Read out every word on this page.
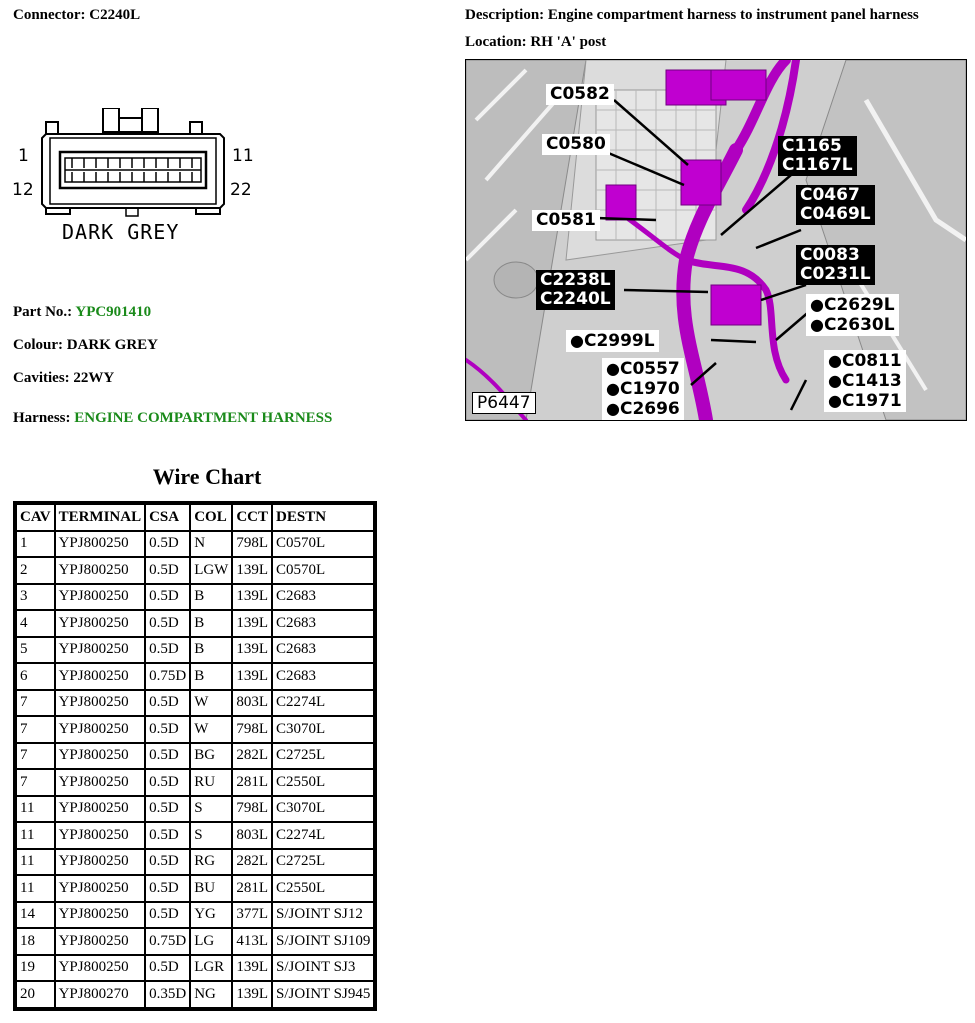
Connector: C2240L	Description: Engine compartment harness to instrument panel harness
Location: RH 'A' post
1	11
12	22
DARK GREY
Part No.: YPC901410
Colour: DARK GREY
Cavities: 22WY
Harness: ENGINE COMPARTMENT HARNESS
C0582
C0580
C0581
C1165
C1167L
C0467
C0469L
C0083
C0231L
C2238L
C2240L	●C2629L
●C2630L
●C2999L
●C0557
●C1970
●C2696
●C0811
●C1413
●C1971
P6447
Wire Chart
CAV	TERMINAL	CSA	COL	CCT	DESTN
1	YPJ800250	0.5D	N	798L	C0570L
2	YPJ800250	0.5D	LGW	139L	C0570L
3	YPJ800250	0.5D	B	139L	C2683
4	YPJ800250	0.5D	B	139L	C2683
5	YPJ800250	0.5D	B	139L	C2683
6	YPJ800250	0.75D	B	139L	C2683
7	YPJ800250	0.5D	W	803L	C2274L
7	YPJ800250	0.5D	W	798L	C3070L
7	YPJ800250	0.5D	BG	282L	C2725L
7	YPJ800250	0.5D	RU	281L	C2550L
11	YPJ800250	0.5D	S	798L	C3070L
11	YPJ800250	0.5D	S	803L	C2274L
11	YPJ800250	0.5D	RG	282L	C2725L
11	YPJ800250	0.5D	BU	281L	C2550L
14	YPJ800250	0.5D	YG	377L	S/JOINT SJ12
18	YPJ800250	0.75D	LG	413L	S/JOINT SJ109
19	YPJ800250	0.5D	LGR	139L	S/JOINT SJ3
20	YPJ800270	0.35D	NG	139L	S/JOINT SJ945
